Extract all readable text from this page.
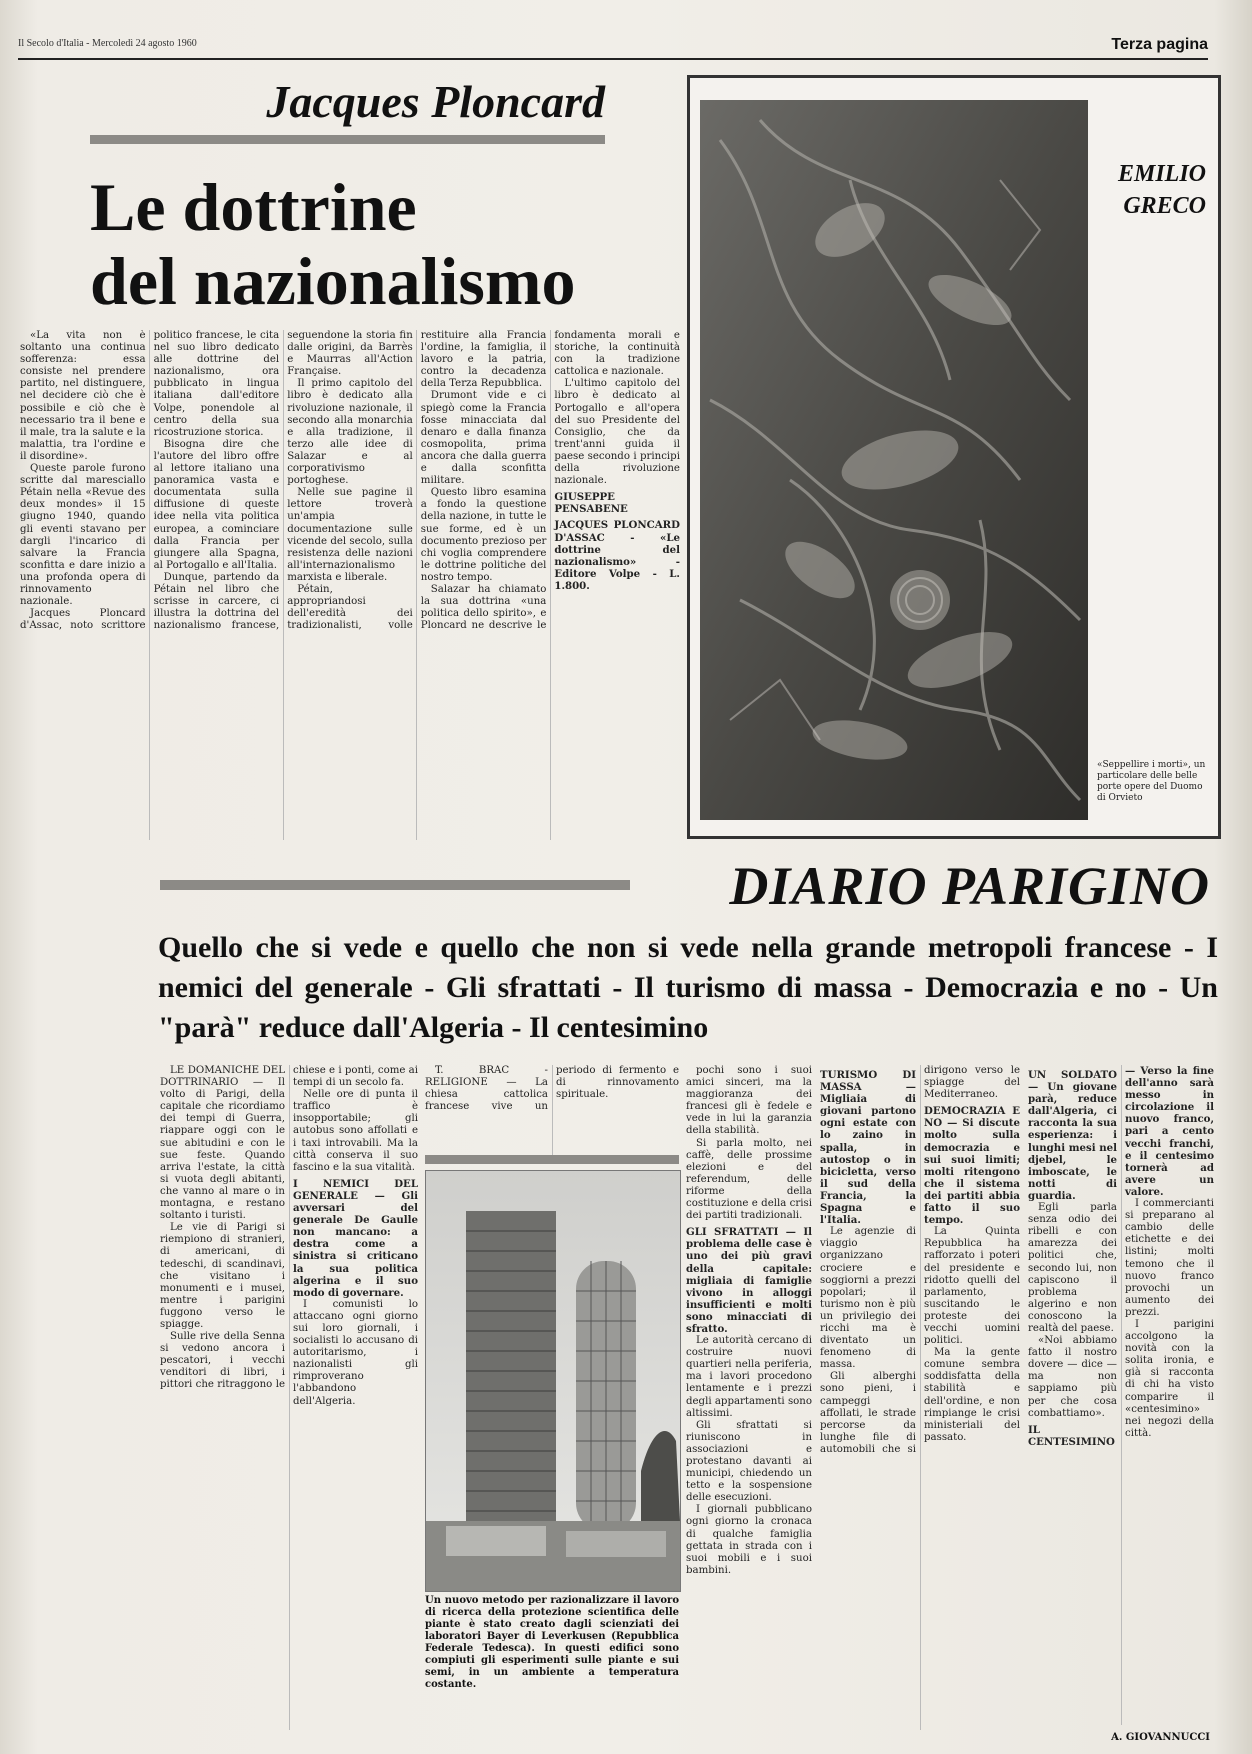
Il Secolo d'Italia - Mercoledì 24 agosto 1960	Terza pagina
Jacques Ploncard
Le dottrine
del nazionalismo

«La vita non è soltanto una continua sofferenza: essa consiste nel prendere partito, nel distinguere, nel decidere ciò che è possibile e ciò che è necessario tra il bene e il male, tra la salute e la malattia, tra l'ordine e il disordine».

Queste parole furono scritte dal maresciallo Pétain nella «Revue des deux mondes» il 15 giugno 1940, quando gli eventi stavano per dargli l'incarico di salvare la Francia sconfitta e dare inizio a una profonda opera di rinnovamento nazionale.

Jacques Ploncard d'Assac, noto scrittore politico francese, le cita nel suo libro dedicato alle dottrine del nazionalismo, ora pubblicato in lingua italiana dall'editore Volpe, ponendole al centro della sua ricostruzione storica.

Bisogna dire che l'autore del libro offre al lettore italiano una panoramica vasta e documentata sulla diffusione di queste idee nella vita politica europea, a cominciare dalla Francia per giungere alla Spagna, al Portogallo e all'Italia.

Dunque, partendo da Pétain nel libro che scrisse in carcere, ci illustra la dottrina del nazionalismo francese, seguendone la storia fin dalle origini, da Barrès e Maurras all'Action Française.

Il primo capitolo del libro è dedicato alla rivoluzione nazionale, il secondo alla monarchia e alla tradizione, il terzo alle idee di Salazar e al corporativismo portoghese.

Nelle sue pagine il lettore troverà un'ampia documentazione sulle vicende del secolo, sulla resistenza delle nazioni all'internazionalismo marxista e liberale.

Pétain, appropriandosi dell'eredità dei tradizionalisti, volle restituire alla Francia l'ordine, la famiglia, il lavoro e la patria, contro la decadenza della Terza Repubblica.

Drumont vide e ci spiegò come la Francia fosse minacciata dal denaro e dalla finanza cosmopolita, prima ancora che dalla guerra e dalla sconfitta militare.

Questo libro esamina a fondo la questione della nazione, in tutte le sue forme, ed è un documento prezioso per chi voglia comprendere le dottrine politiche del nostro tempo.

Salazar ha chiamato la sua dottrina «una politica dello spirito», e Ploncard ne descrive le fondamenta morali e storiche, la continuità con la tradizione cattolica e nazionale.

L'ultimo capitolo del libro è dedicato al Portogallo e all'opera del suo Presidente del Consiglio, che da trent'anni guida il paese secondo i principi della rivoluzione nazionale.

GIUSEPPE PENSABENE

JACQUES PLONCARD D'ASSAC - «Le dottrine del nazionalismo» - Editore Volpe - L. 1.800.

EMILIO
GRECO
«Seppellire i morti», un particolare delle belle porte opere del Duomo di Orvieto
DIARIO PARIGINO
Quello che si vede e quello che non si vede nella grande metropoli francese - I nemici del generale - Gli sfrattati - Il turismo di massa - Democrazia e no - Un "parà" reduce dall'Algeria - Il centesimino

LE DOMANICHE DEL DOTTRINARIO — Il volto di Parigi, della capitale che ricordiamo dei tempi di Guerra, riappare oggi con le sue abitudini e con le sue feste. Quando arriva l'estate, la città si vuota degli abitanti, che vanno al mare o in montagna, e restano soltanto i turisti.

Le vie di Parigi si riempiono di stranieri, di americani, di tedeschi, di scandinavi, che visitano i monumenti e i musei, mentre i parigini fuggono verso le spiagge.

Sulle rive della Senna si vedono ancora i pescatori, i vecchi venditori di libri, i pittori che ritraggono le chiese e i ponti, come ai tempi di un secolo fa.

Nelle ore di punta il traffico è insopportabile; gli autobus sono affollati e i taxi introvabili. Ma la città conserva il suo fascino e la sua vitalità.

I NEMICI DEL GENERALE — Gli avversari del generale De Gaulle non mancano: a destra come a sinistra si criticano la sua politica algerina e il suo modo di governare.

I comunisti lo attaccano ogni giorno sui loro giornali, i socialisti lo accusano di autoritarismo, i nazionalisti gli rimproverano l'abbandono dell'Algeria.

T. BRAC - RELIGIONE — La chiesa cattolica francese vive un periodo di fermento e di rinnovamento spirituale.

pochi sono i suoi amici sinceri, ma la maggioranza dei francesi gli è fedele e vede in lui la garanzia della stabilità.

Si parla molto, nei caffè, delle prossime elezioni e del referendum, delle riforme della costituzione e della crisi dei partiti tradizionali.

GLI SFRATTATI — Il problema delle case è uno dei più gravi della capitale: migliaia di famiglie vivono in alloggi insufficienti e molti sono minacciati di sfratto.

Le autorità cercano di costruire nuovi quartieri nella periferia, ma i lavori procedono lentamente e i prezzi degli appartamenti sono altissimi.

Gli sfrattati si riuniscono in associazioni e protestano davanti ai municipi, chiedendo un tetto e la sospensione delle esecuzioni.

I giornali pubblicano ogni giorno la cronaca di qualche famiglia gettata in strada con i suoi mobili e i suoi bambini.

TURISMO DI MASSA — Migliaia di giovani partono ogni estate con lo zaino in spalla, in autostop o in bicicletta, verso il sud della Francia, la Spagna e l'Italia.

Le agenzie di viaggio organizzano crociere e soggiorni a prezzi popolari; il turismo non è più un privilegio dei ricchi ma è diventato un fenomeno di massa.

Gli alberghi sono pieni, i campeggi affollati, le strade percorse da lunghe file di automobili che si dirigono verso le spiagge del Mediterraneo.

DEMOCRAZIA E NO — Si discute molto sulla democrazia e sui suoi limiti; molti ritengono che il sistema dei partiti abbia fatto il suo tempo.

La Quinta Repubblica ha rafforzato i poteri del presidente e ridotto quelli del parlamento, suscitando le proteste dei vecchi uomini politici.

Ma la gente comune sembra soddisfatta della stabilità e dell'ordine, e non rimpiange le crisi ministeriali del passato.

UN SOLDATO — Un giovane parà, reduce dall'Algeria, ci racconta la sua esperienza: i lunghi mesi nel djebel, le imboscate, le notti di guardia.

Egli parla senza odio dei ribelli e con amarezza dei politici che, secondo lui, non capiscono il problema algerino e non conoscono la realtà del paese.

«Noi abbiamo fatto il nostro dovere — dice — ma non sappiamo più per che cosa combattiamo».

IL CENTESIMINO — Verso la fine dell'anno sarà messo in circolazione il nuovo franco, pari a cento vecchi franchi, e il centesimo tornerà ad avere un valore.

I commercianti si preparano al cambio delle etichette e dei listini; molti temono che il nuovo franco provochi un aumento dei prezzi.

I parigini accolgono la novità con la solita ironia, e già si racconta di chi ha visto comparire il «centesimino» nei negozi della città.

Un nuovo metodo per razionalizzare il lavoro di ricerca della protezione scientifica delle piante è stato creato dagli scienziati dei laboratori Bayer di Leverkusen (Repubblica Federale Tedesca). In questi edifici sono compiuti gli esperimenti sulle piante e sui semi, in un ambiente a temperatura costante.
A. GIOVANNUCCI
